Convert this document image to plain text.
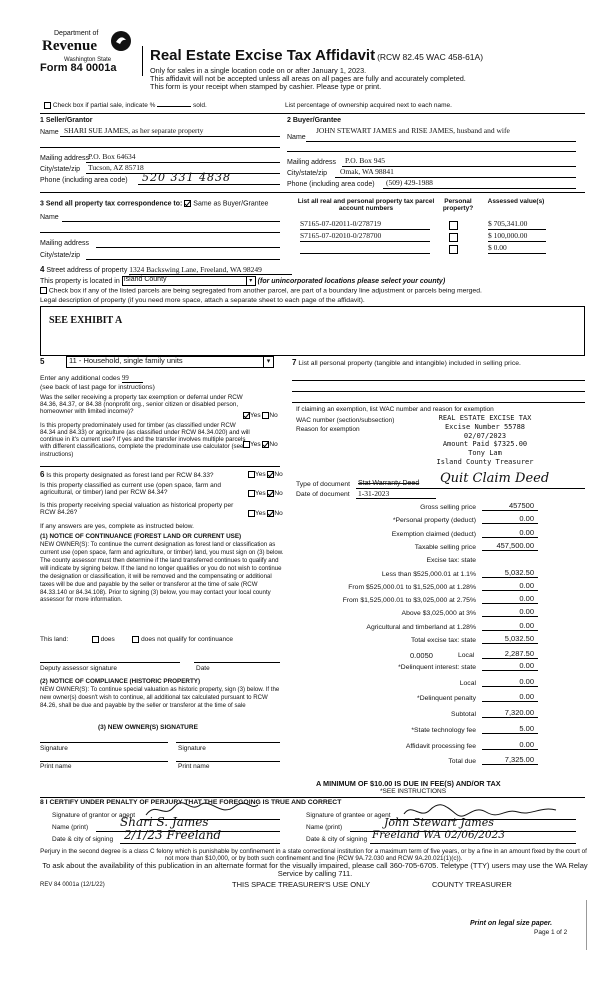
Department of
Revenue
Washington State
Form 84 0001a
Real Estate Excise Tax Affidavit (RCW 82.45 WAC 458-61A)
Only for sales in a single location code on or after January 1, 2023.
This affidavit will not be accepted unless all areas on all pages are fully and accurately completed.
This form is your receipt when stamped by cashier. Please type or print.
Check box if partial sale, indicate %	sold.	List percentage of ownership acquired next to each name.
1 Seller/Grantor
Name SHARI SUE JAMES, as her separate property
Mailing address
P.O. Box 64634
City/state/zip Tucson, AZ 85718
Phone (including area code) 520 331 4838
2 Buyer/Grantee
JOHN STEWART JAMES and RISE JAMES, husband and wife
Name
Mailing address P.O. Box 945
City/state/zip Omak, WA 98841
Phone (including area code) (509) 429-1988
3 Send all property tax correspondence to: Same as Buyer/Grantee
Name
Mailing address
City/state/zip
List all real and personal property tax parcel account numbers
Personal property?
Assessed value(s)
S7165-07-02011-0/278719	$ 705,341.00
S7165-07-02010-0/278700	$ 100,000.00
$ 0.00
4 Street address of property 1324 Backswing Lane, Freeland, WA 98249
This property is located in Island County	▾ (for unincorporated locations please select your county)
Check box if any of the listed parcels are being segregated from another parcel, are part of a boundary line adjustment or parcels being merged.
Legal description of property (if you need more space, attach a separate sheet to each page of the affidavit).
SEE EXHIBIT A
5	11 - Household, single family units	▾
Enter any additional codes 99
(see back of last page for instructions)
Was the seller receiving a property tax exemption or deferral under RCW 84.36, 84.37, or 84.38 (nonprofit org., senior citizen or disabled person, homeowner with limited income)?
Yes No
Is this property predominately used for timber (as classified under RCW 84.34 and 84.33) or agriculture (as classified under RCW 84.34.020) and will continue in it's current use? If yes and the transfer involves multiple parcels with different classifications, complete the predominate use calculator (see instructions)
Yes No
6 Is this property designated as forest land per RCW 84.33?	Yes No
Is this property classified as current use (open space, farm and agricultural, or timber) land per RCW 84.34?	Yes No
Is this property receiving special valuation as historical property per RCW 84.26?	Yes No
If any answers are yes, complete as instructed below.
(1) NOTICE OF CONTINUANCE (FOREST LAND OR CURRENT USE)
NEW OWNER(S): To continue the current designation as forest land or classification as current use (open space, farm and agriculture, or timber) land, you must sign on (3) below. The county assessor must then determine if the land transferred continues to qualify and will indicate by signing below. If the land no longer qualifies or you do not wish to continue the designation or classification, it will be removed and the compensating or additional taxes will be due and payable by the seller or transferor at the time of sale (RCW 84.33.140 or 84.34.108). Prior to signing (3) below, you may contact your local county assessor for more information.
This land:	does	does not qualify for continuance
Deputy assessor signature	Date
(2) NOTICE OF COMPLIANCE (HISTORIC PROPERTY)
NEW OWNER(S): To continue special valuation as historic property, sign (3) below. If the new owner(s) doesn't wish to continue, all additional tax calculated pursuant to RCW 84.26, shall be due and payable by the seller or transferor at the time of sale
(3) NEW OWNER(S) SIGNATURE
Signature	Signature
Print name	Print name
7 List all personal property (tangible and intangible) included in selling price.
If claiming an exemption, list WAC number and reason for exemption
WAC number (section/subsection)
Reason for exemption
REAL ESTATE EXCISE TAX
Excise Number 55788
02/07/2023
Amount Paid $7325.00
Tony Lam
Island County Treasurer
Type of document Stat Warranty Deed Quit Claim Deed
Date of document 1-31-2023
Gross selling price	457500
*Personal property (deduct)	0.00
Exemption claimed (deduct)	0.00
Taxable selling price	457,500.00
Excise tax: state
Less than $525,000.01 at 1.1%	5,032.50
From $525,000.01 to $1,525,000 at 1.28%	0.00
From $1,525,000.01 to $3,025,000 at 2.75%	0.00
Above $3,025,000 at 3%	0.00
Agricultural and timberland at 1.28%	0.00
Total excise tax: state	5,032.50
0.0050	Local	2,287.50
*Delinquent interest: state	0.00
Local	0.00
*Delinquent penalty	0.00
Subtotal	7,320.00
*State technology fee	5.00
Affidavit processing fee	0.00
Total due	7,325.00
A MINIMUM OF $10.00 IS DUE IN FEE(S) AND/OR TAX
*SEE INSTRUCTIONS
8 I CERTIFY UNDER PENALTY OF PERJURY THAT THE FOREGOING IS TRUE AND CORRECT
Signature of grantor or agent
Name (print)	Shari S. James
Date & city of signing 2/1/23 Freeland
Signature of grantee or agent
Name (print)	John Stewart James
Date & city of signing Freeland WA 02/06/2023
Perjury in the second degree is a class C felony which is punishable by confinement in a state correctional institution for a maximum term of five years, or by a fine in an amount fixed by the court of not more than $10,000, or by both such confinement and fine (RCW 9A.72.030 and RCW 9A.20.021(1)(c)).
To ask about the availability of this publication in an alternate format for the visually impaired, please call 360-705-6705. Teletype (TTY) users may use the WA Relay Service by calling 711.
REV 84 0001a (12/1/22)	THIS SPACE TREASURER'S USE ONLY	COUNTY TREASURER
Print on legal size paper.
Page 1 of 2
